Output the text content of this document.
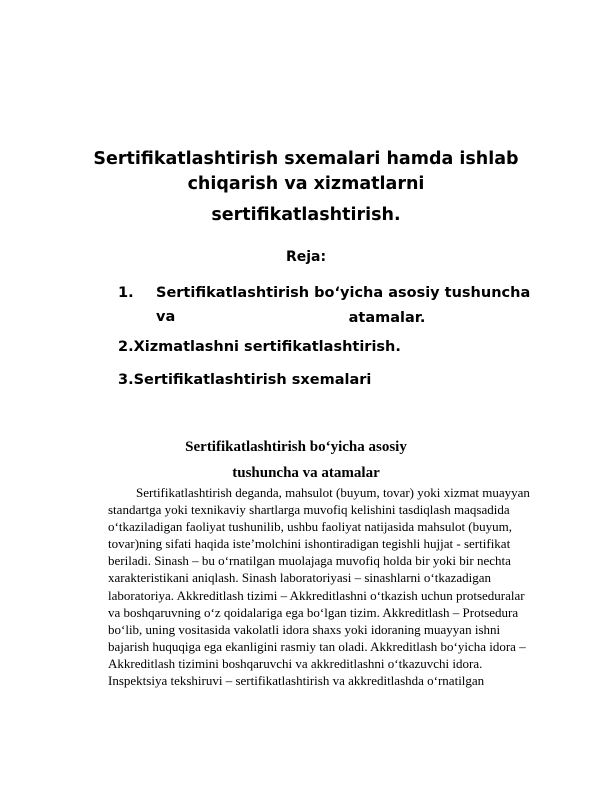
Sertifikatlashtirish sxemalari hamda ishlab
chiqarish va xizmatlarni
sertifikatlashtirish.
Reja:
1. Sertifikatlashtirish bo‘yicha asosiy tushuncha va	atamalar.
2.Xizmatlashni sertifikatlashtirish.
3.Sertifikatlashtirish sxemalari
Sertifikatlashtirish bo‘yicha asosiy
tushuncha va atamalar
Sertifikatlashtirish deganda, mahsulot (buyum, tovar) yoki xizmat muayyan standartga yoki texnikaviy shartlarga muvofiq kelishini tasdiqlash maqsadida o‘tkaziladigan faoliyat tushunilib, ushbu faoliyat natijasida mahsulot (buyum, tovar)ning sifati haqida iste’molchini ishontiradigan tegishli hujjat - sertifikat beriladi. Sinash – bu o‘rnatilgan muolajaga muvofiq holda bir yoki bir nechta xarakteristikani aniqlash. Sinash laboratoriyasi – sinashlarni o‘tkazadigan laboratoriya. Akkreditlash tizimi – Akkreditlashni o‘tkazish uchun protseduralar va boshqaruvning o‘z qoidalariga ega bo‘lgan tizim. Akkreditlash – Protsedura bo‘lib, uning vositasida vakolatli idora shaxs yoki idoraning muayyan ishni bajarish huquqiga ega ekanligini rasmiy tan oladi. Akkreditlash bo‘yicha idora – Akkreditlash tizimini boshqaruvchi va akkreditlashni o‘tkazuvchi idora. Inspektsiya tekshiruvi – sertifikatlashtirish va akkreditlashda o‘rnatilgan
